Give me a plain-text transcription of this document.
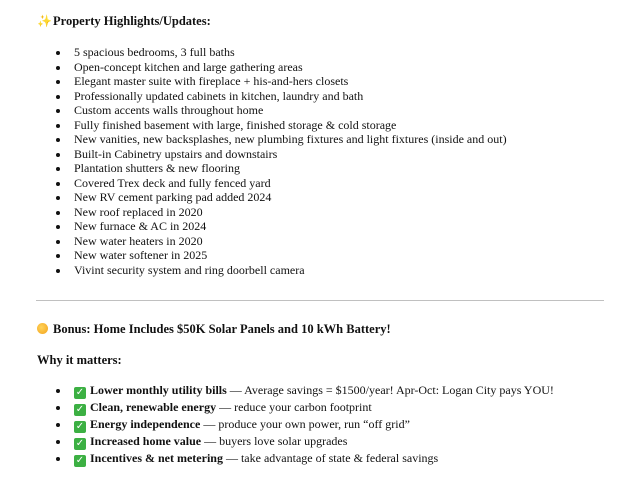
✨Property Highlights/Updates:
5 spacious bedrooms, 3 full baths
Open-concept kitchen and large gathering areas
Elegant master suite with fireplace + his-and-hers closets
Professionally updated cabinets in kitchen, laundry and bath
Custom accents walls throughout home
Fully finished basement with large, finished storage & cold storage
New vanities, new backsplashes, new plumbing fixtures and light fixtures (inside and out)
Built-in Cabinetry upstairs and downstairs
Plantation shutters & new flooring
Covered Trex deck and fully fenced yard
New RV cement parking pad added 2024
New roof replaced in 2020
New furnace & AC in 2024
New water heaters in 2020
New water softener in 2025
Vivint security system and ring doorbell camera
Bonus: Home Includes $50K Solar Panels and 10 kWh Battery!
Why it matters:
✓ Lower monthly utility bills — Average savings = $1500/year! Apr-Oct: Logan City pays YOU!
✓ Clean, renewable energy — reduce your carbon footprint
✓ Energy independence — produce your own power, run “off grid”
✓ Increased home value — buyers love solar upgrades
✓ Incentives & net metering — take advantage of state & federal savings
